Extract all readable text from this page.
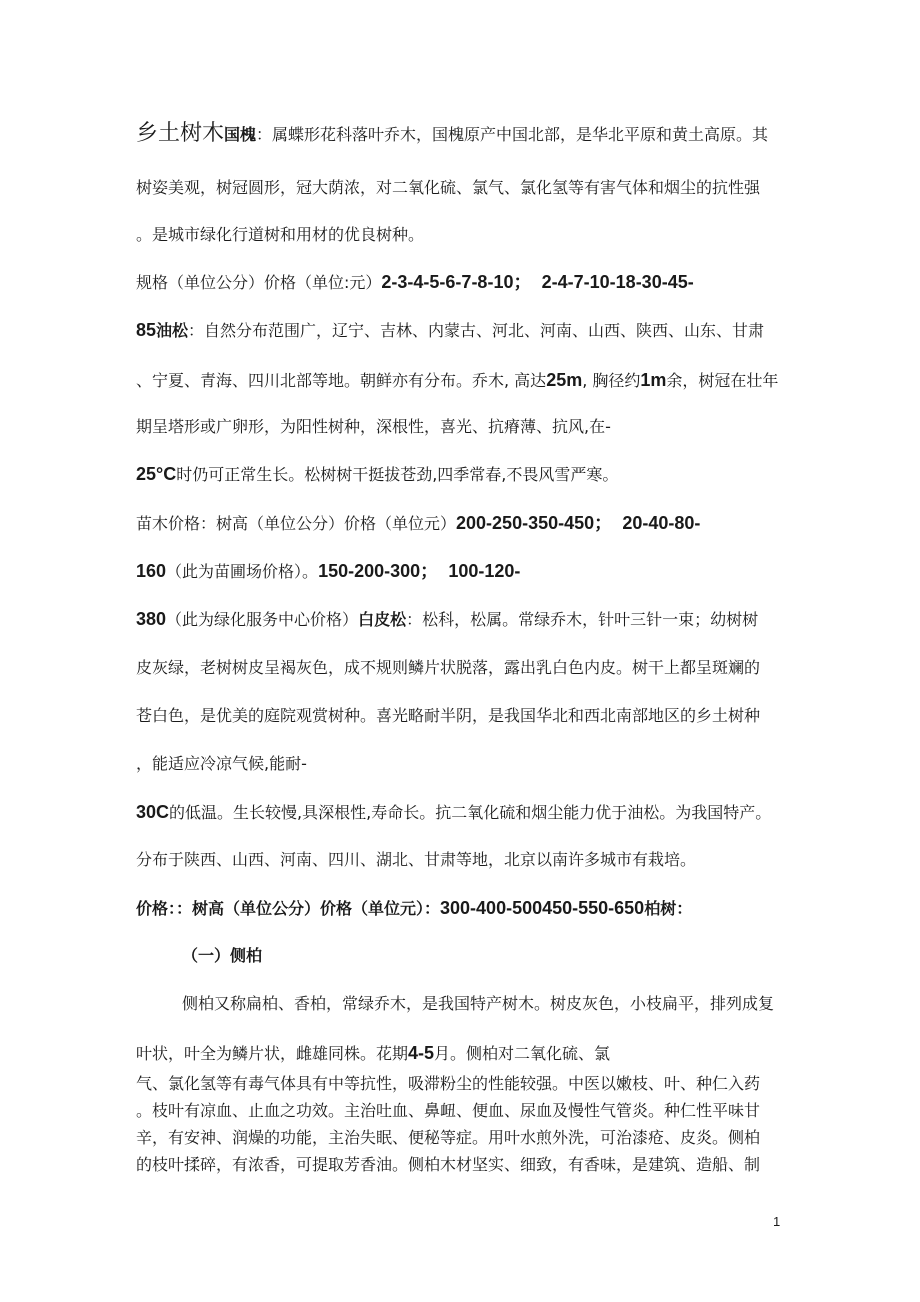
乡土树木国槐：属蝶形花科落叶乔木，国槐原产中国北部，是华北平原和黄土高原。其
树姿美观，树冠圆形，冠大荫浓，对二氧化硫、氯气、氯化氢等有害气体和烟尘的抗性强
。是城市绿化行道树和用材的优良树种。
规格（单位公分）价格（单位:元）2-3-4-5-6-7-8-10； 2-4-7-10-18-30-45-
85油松：自然分布范围广，辽宁、吉林、内蒙古、河北、河南、山西、陕西、山东、甘肃
、宁夏、青海、四川北部等地。朝鲜亦有分布。乔木, 高达25m, 胸径约1m余，树冠在壮年
期呈塔形或广卵形，为阳性树种，深根性，喜光、抗瘠薄、抗风,在-
25°C时仍可正常生长。松树树干挺拔苍劲,四季常春,不畏风雪严寒。
苗木价格：树高（单位公分）价格（单位元）200-250-350-450； 20-40-80-
160（此为苗圃场价格）。150-200-300； 100-120-
380（此为绿化服务中心价格）白皮松：松科，松属。常绿乔木，针叶三针一束；幼树树
皮灰绿，老树树皮呈褐灰色，成不规则鳞片状脱落，露出乳白色内皮。树干上都呈斑斓的
苍白色，是优美的庭院观赏树种。喜光略耐半阴，是我国华北和西北南部地区的乡土树种
，能适应冷凉气候,能耐-
30C的低温。生长较慢,具深根性,寿命长。抗二氧化硫和烟尘能力优于油松。为我国特产。
分布于陕西、山西、河南、四川、湖北、甘肃等地，北京以南许多城市有栽培。
价格：：树高（单位公分）价格（单位元）：300-400-500450-550-650柏树：
（一）侧柏
侧柏又称扁柏、香柏，常绿乔木，是我国特产树木。树皮灰色，小枝扁平，排列成复
叶状，叶全为鳞片状，雌雄同株。花期4-5月。侧柏对二氧化硫、氯
气、氯化氢等有毒气体具有中等抗性，吸滞粉尘的性能较强。中医以嫩枝、叶、种仁入药
。枝叶有凉血、止血之功效。主治吐血、鼻衄、便血、尿血及慢性气管炎。种仁性平味甘
辛，有安神、润燥的功能，主治失眠、便秘等症。用叶水煎外洗，可治漆疮、皮炎。侧柏
的枝叶揉碎，有浓香，可提取芳香油。侧柏木材坚实、细致，有香味，是建筑、造船、制
1
